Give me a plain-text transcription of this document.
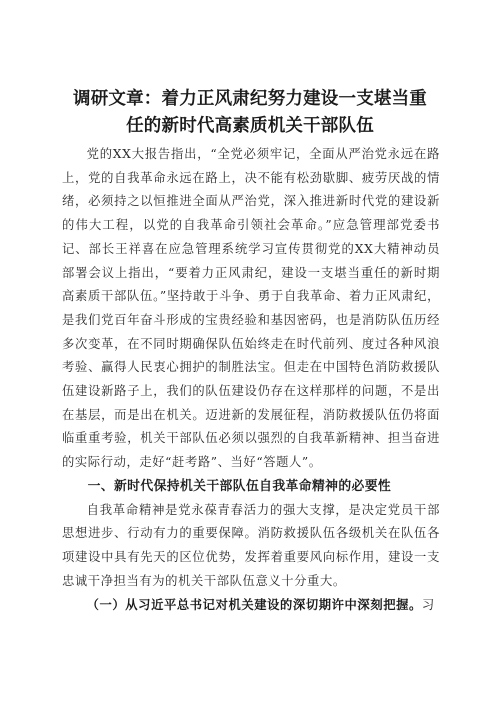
调研文章：着力正风肃纪努力建设一支堪当重
任的新时代高素质机关干部队伍

党的XX大报告指出，“全党必须牢记，全面从严治党永远在路上，党的自我革命永远在路上，决不能有松劲歇脚、疲劳厌战的情绪，必须持之以恒推进全面从严治党，深入推进新时代党的建设新的伟大工程，以党的自我革命引领社会革命。”应急管理部党委书记、部长王祥喜在应急管理系统学习宣传贯彻党的XX大精神动员部署会议上指出，“要着力正风肃纪，建设一支堪当重任的新时期高素质干部队伍。”坚持敢于斗争、勇于自我革命、着力正风肃纪，是我们党百年奋斗形成的宝贵经验和基因密码，也是消防队伍历经多次变革，在不同时期确保队伍始终走在时代前列、度过各种风浪考验、赢得人民衷心拥护的制胜法宝。但走在中国特色消防救援队伍建设新路子上，我们的队伍建设仍存在这样那样的问题，不是出在基层，而是出在机关。迈进新的发展征程，消防救援队伍仍将面临重重考验，机关干部队伍必须以强烈的自我革新精神、担当奋进的实际行动，走好“赶考路”、当好“答题人”。

一、新时代保持机关干部队伍自我革命精神的必要性

自我革命精神是党永葆青春活力的强大支撑，是决定党员干部思想进步、行动有力的重要保障。消防救援队伍各级机关在队伍各项建设中具有先天的区位优势，发挥着重要风向标作用，建设一支忠诚干净担当有为的机关干部队伍意义十分重大。

（一）从习近平总书记对机关建设的深切期许中深刻把握。习
